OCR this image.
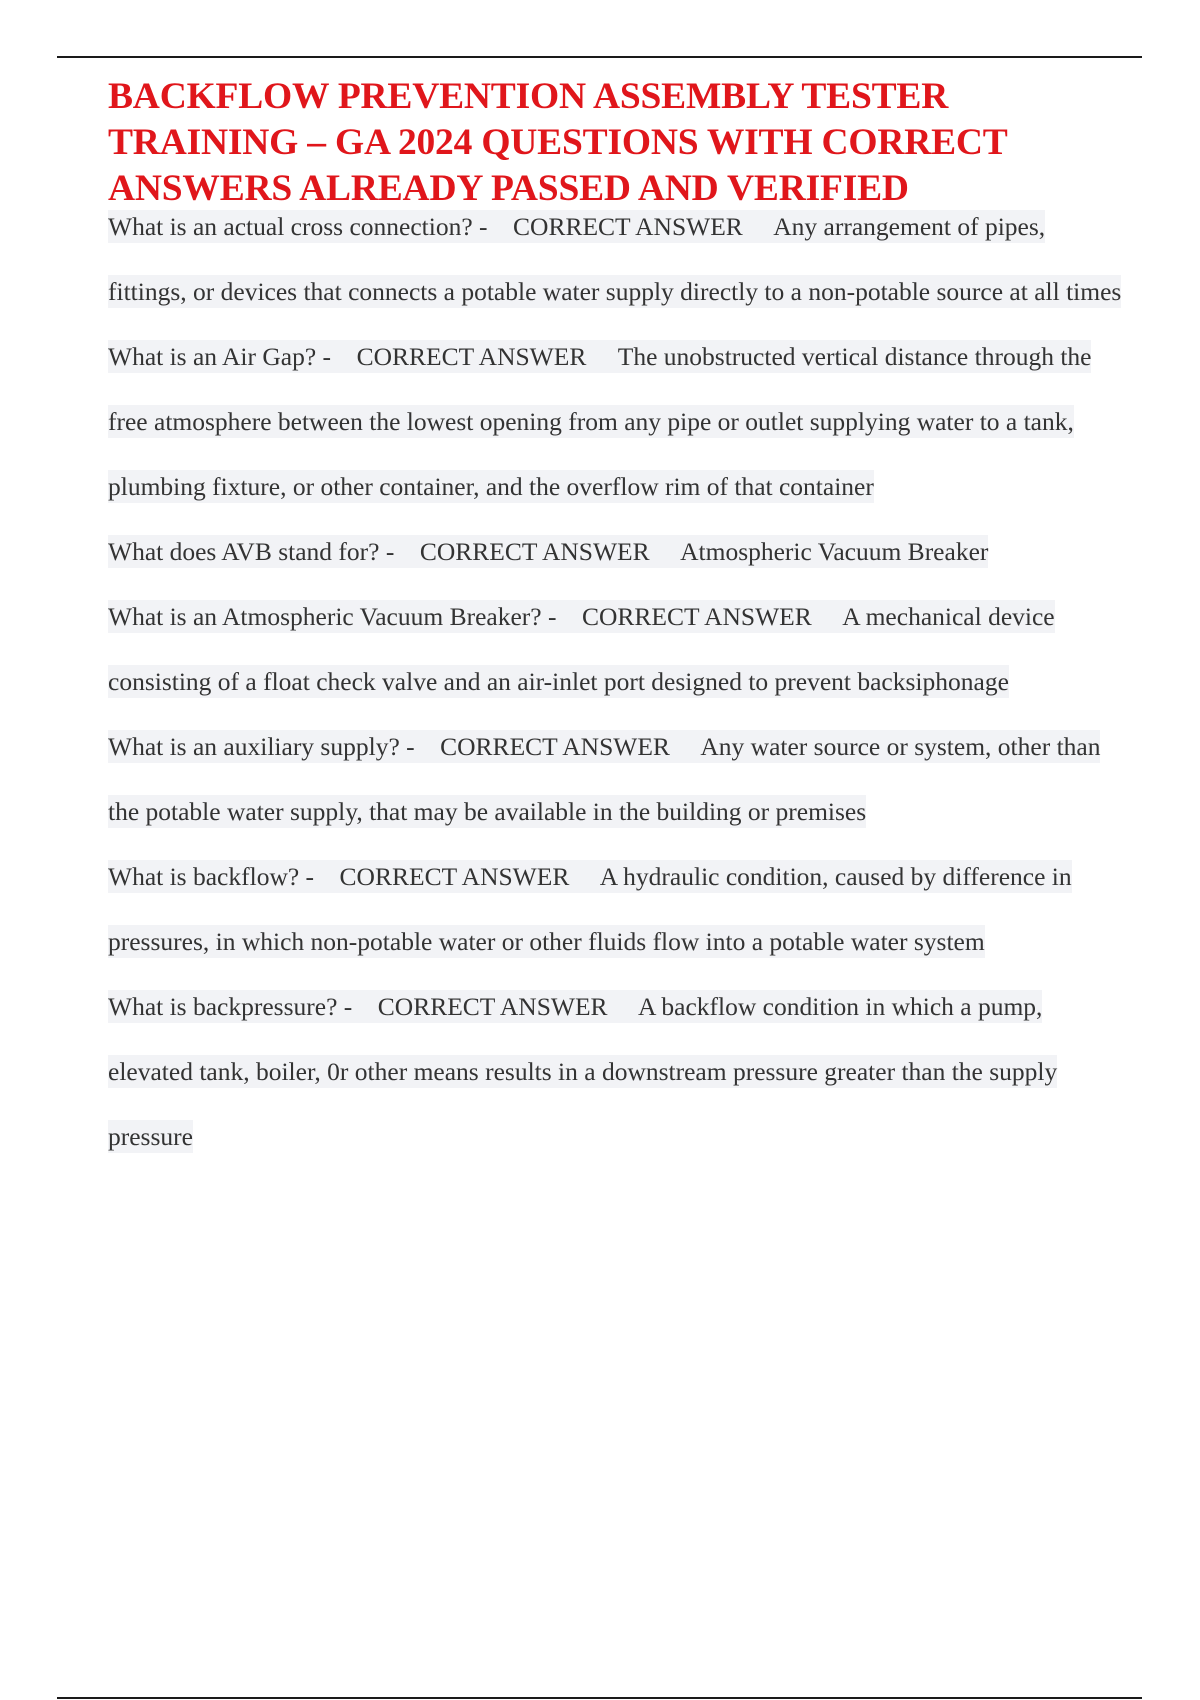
BACKFLOW PREVENTION ASSEMBLY TESTER TRAINING – GA 2024 QUESTIONS WITH CORRECT ANSWERS ALREADY PASSED AND VERIFIED
What is an actual cross connection? - CORRECT ANSWER Any arrangement of pipes, fittings, or devices that connects a potable water supply directly to a non-potable source at all times
What is an Air Gap? - CORRECT ANSWER The unobstructed vertical distance through the free atmosphere between the lowest opening from any pipe or outlet supplying water to a tank, plumbing fixture, or other container, and the overflow rim of that container
What does AVB stand for? - CORRECT ANSWER Atmospheric Vacuum Breaker
What is an Atmospheric Vacuum Breaker? - CORRECT ANSWER A mechanical device consisting of a float check valve and an air-inlet port designed to prevent backsiphonage
What is an auxiliary supply? - CORRECT ANSWER Any water source or system, other than the potable water supply, that may be available in the building or premises
What is backflow? - CORRECT ANSWER A hydraulic condition, caused by difference in pressures, in which non-potable water or other fluids flow into a potable water system
What is backpressure? - CORRECT ANSWER A backflow condition in which a pump, elevated tank, boiler, 0r other means results in a downstream pressure greater than the supply pressure
